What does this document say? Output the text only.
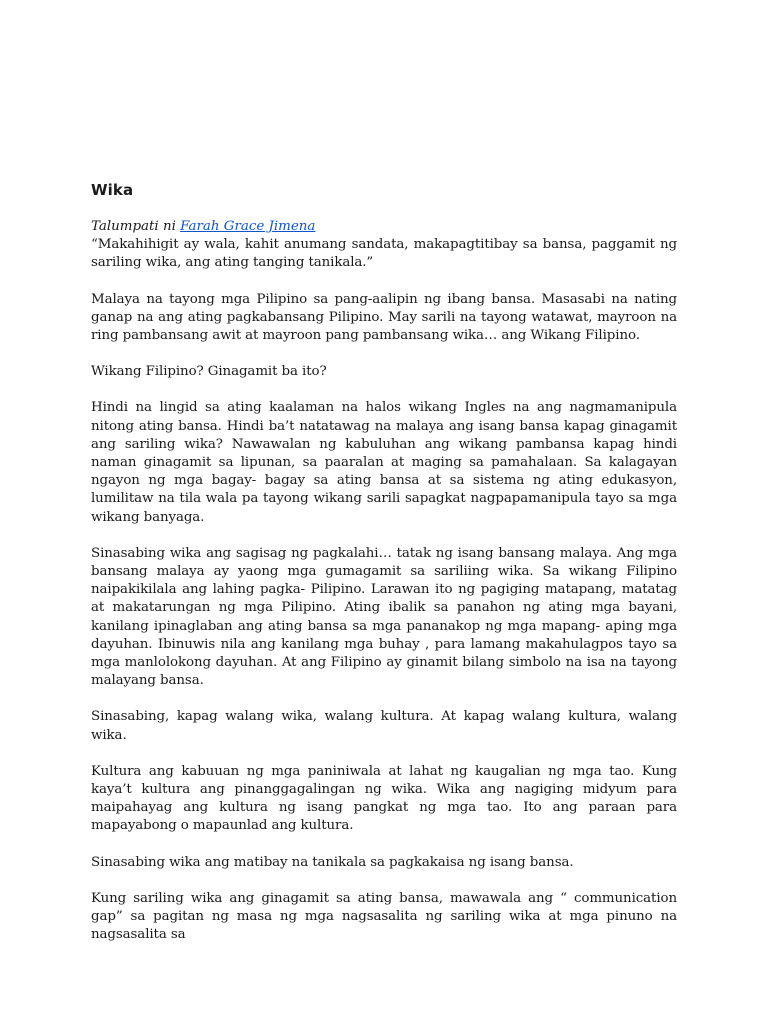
Wika

Talumpati ni Farah Grace Jimena

“Makahihigit ay wala, kahit anumang sandata, makapagtitibay sa bansa, paggamit ng sariling wika, ang ating tanging tanikala.”

Malaya na tayong mga Pilipino sa pang-aalipin ng ibang bansa. Masasabi na nating ganap na ang ating pagkabansang Pilipino. May sarili na tayong watawat, mayroon na ring pambansang awit at mayroon pang pambansang wika… ang Wikang Filipino.

Wikang Filipino? Ginagamit ba ito?

Hindi na lingid sa ating kaalaman na halos wikang Ingles na ang nagmamanipula nitong ating bansa. Hindi ba’t natatawag na malaya ang isang bansa kapag ginagamit ang sariling wika? Nawawalan ng kabuluhan ang wikang pambansa kapag hindi naman ginagamit sa lipunan, sa paaralan at maging sa pamahalaan. Sa kalagayan ngayon ng mga bagay- bagay sa ating bansa at sa sistema ng ating edukasyon, lumilitaw na tila wala pa tayong wikang sarili sapagkat nagpapamanipula tayo sa mga wikang banyaga.

Sinasabing wika ang sagisag ng pagkalahi… tatak ng isang bansang malaya. Ang mga bansang malaya ay yaong mga gumagamit sa sariliing wika. Sa wikang Filipino naipakikilala ang lahing pagka- Pilipino. Larawan ito ng pagiging matapang, matatag at makatarungan ng mga Pilipino. Ating ibalik sa panahon ng ating mga bayani, kanilang ipinaglaban ang ating bansa sa mga pananakop ng mga mapang- aping mga dayuhan. Ibinuwis nila ang kanilang mga buhay , para lamang makahulagpos tayo sa mga manlolokong dayuhan. At ang Filipino ay ginamit bilang simbolo na isa na tayong malayang bansa.

Sinasabing, kapag walang wika, walang kultura. At kapag walang kultura, walang wika.

Kultura ang kabuuan ng mga paniniwala at lahat ng kaugalian ng mga tao. Kung kaya’t kultura ang pinanggagalingan ng wika. Wika ang nagiging midyum para maipahayag ang kultura ng isang pangkat ng mga tao. Ito ang paraan para mapayabong o mapaunlad ang kultura.

Sinasabing wika ang matibay na tanikala sa pagkakaisa ng isang bansa.

Kung sariling wika ang ginagamit sa ating bansa, mawawala ang “ communication gap” sa pagitan ng masa ng mga nagsasalita ng sariling wika at mga pinuno na nagsasalita sa
